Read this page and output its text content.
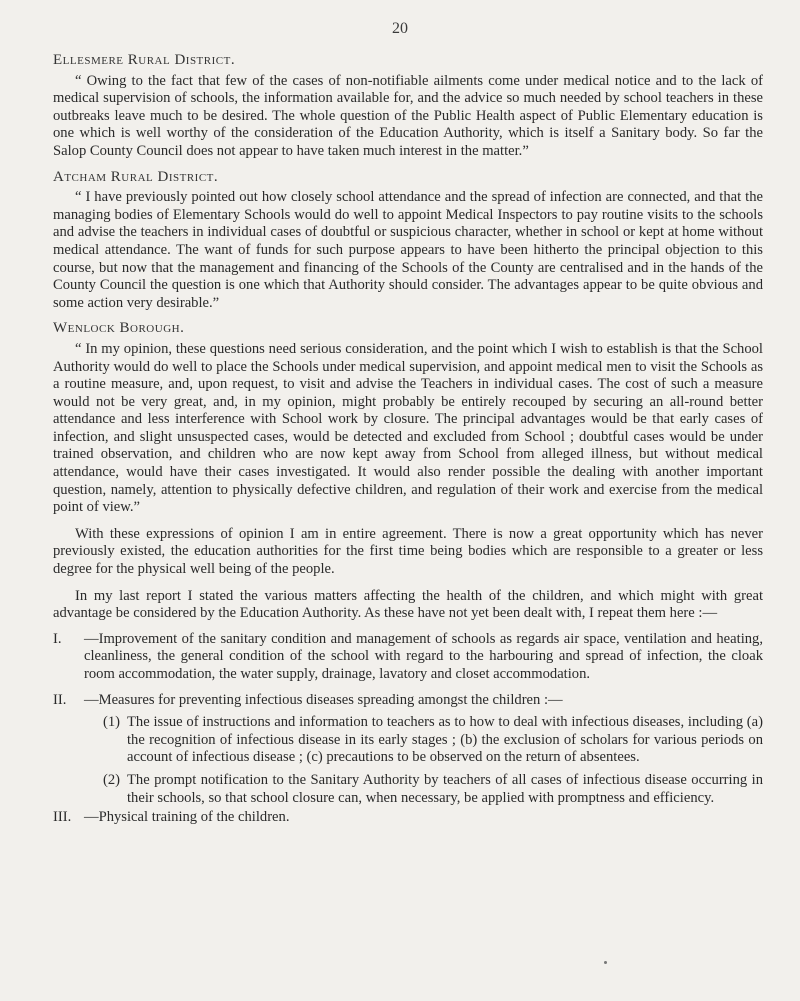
20
Ellesmere Rural District.

“ Owing to the fact that few of the cases of non-notifiable ailments come under medical notice and to the lack of medical supervision of schools, the information available for, and the advice so much needed by school teachers in these outbreaks leave much to be desired. The whole question of the Public Health aspect of Public Elementary education is one which is well worthy of the consideration of the Education Authority, which is itself a Sanitary body. So far the Salop County Council does not appear to have taken much interest in the matter.”

Atcham Rural District.

“ I have previously pointed out how closely school attendance and the spread of infection are connected, and that the managing bodies of Elementary Schools would do well to appoint Medical Inspectors to pay routine visits to the schools and advise the teachers in individual cases of doubtful or suspicious character, whether in school or kept at home without medical attendance. The want of funds for such purpose appears to have been hitherto the principal objection to this course, but now that the management and financing of the Schools of the County are centralised and in the hands of the County Council the question is one which that Authority should consider. The advantages appear to be quite obvious and some action very desirable.”

Wenlock Borough.

“ In my opinion, these questions need serious consideration, and the point which I wish to establish is that the School Authority would do well to place the Schools under medical supervision, and appoint medical men to visit the Schools as a routine measure, and, upon request, to visit and advise the Teachers in individual cases. The cost of such a measure would not be very great, and, in my opinion, might probably be entirely recouped by securing an all-round better attendance and less interference with School work by closure. The principal advantages would be that early cases of infection, and slight unsuspected cases, would be detected and excluded from School ; doubtful cases would be under trained observation, and children who are now kept away from School from alleged illness, but without medical attendance, would have their cases investigated. It would also render possible the dealing with another important question, namely, attention to physically defective children, and regulation of their work and exercise from the medical point of view.”

With these expressions of opinion I am in entire agreement. There is now a great opportunity which has never previously existed, the education authorities for the first time being bodies which are responsible to a greater or less degree for the physical well being of the people.

In my last report I stated the various matters affecting the health of the children, and which might with great advantage be considered by the Education Authority. As these have not yet been dealt with, I repeat them here :—

I. —Improvement of the sanitary condition and management of schools as regards air space, ventilation and heating, cleanliness, the general condition of the school with regard to the harbouring and spread of infection, the cloak room accommodation, the water supply, drainage, lavatory and closet accommodation.
II. —Measures for preventing infectious diseases spreading amongst the children :—
(1) The issue of instructions and information to teachers as to how to deal with infectious diseases, including (a) the recognition of infectious disease in its early stages ; (b) the exclusion of scholars for various periods on account of infectious disease ; (c) precautions to be observed on the return of absentees.
(2) The prompt notification to the Sanitary Authority by teachers of all cases of infectious disease occurring in their schools, so that school closure can, when necessary, be applied with promptness and efficiency.
III. —Physical training of the children.
